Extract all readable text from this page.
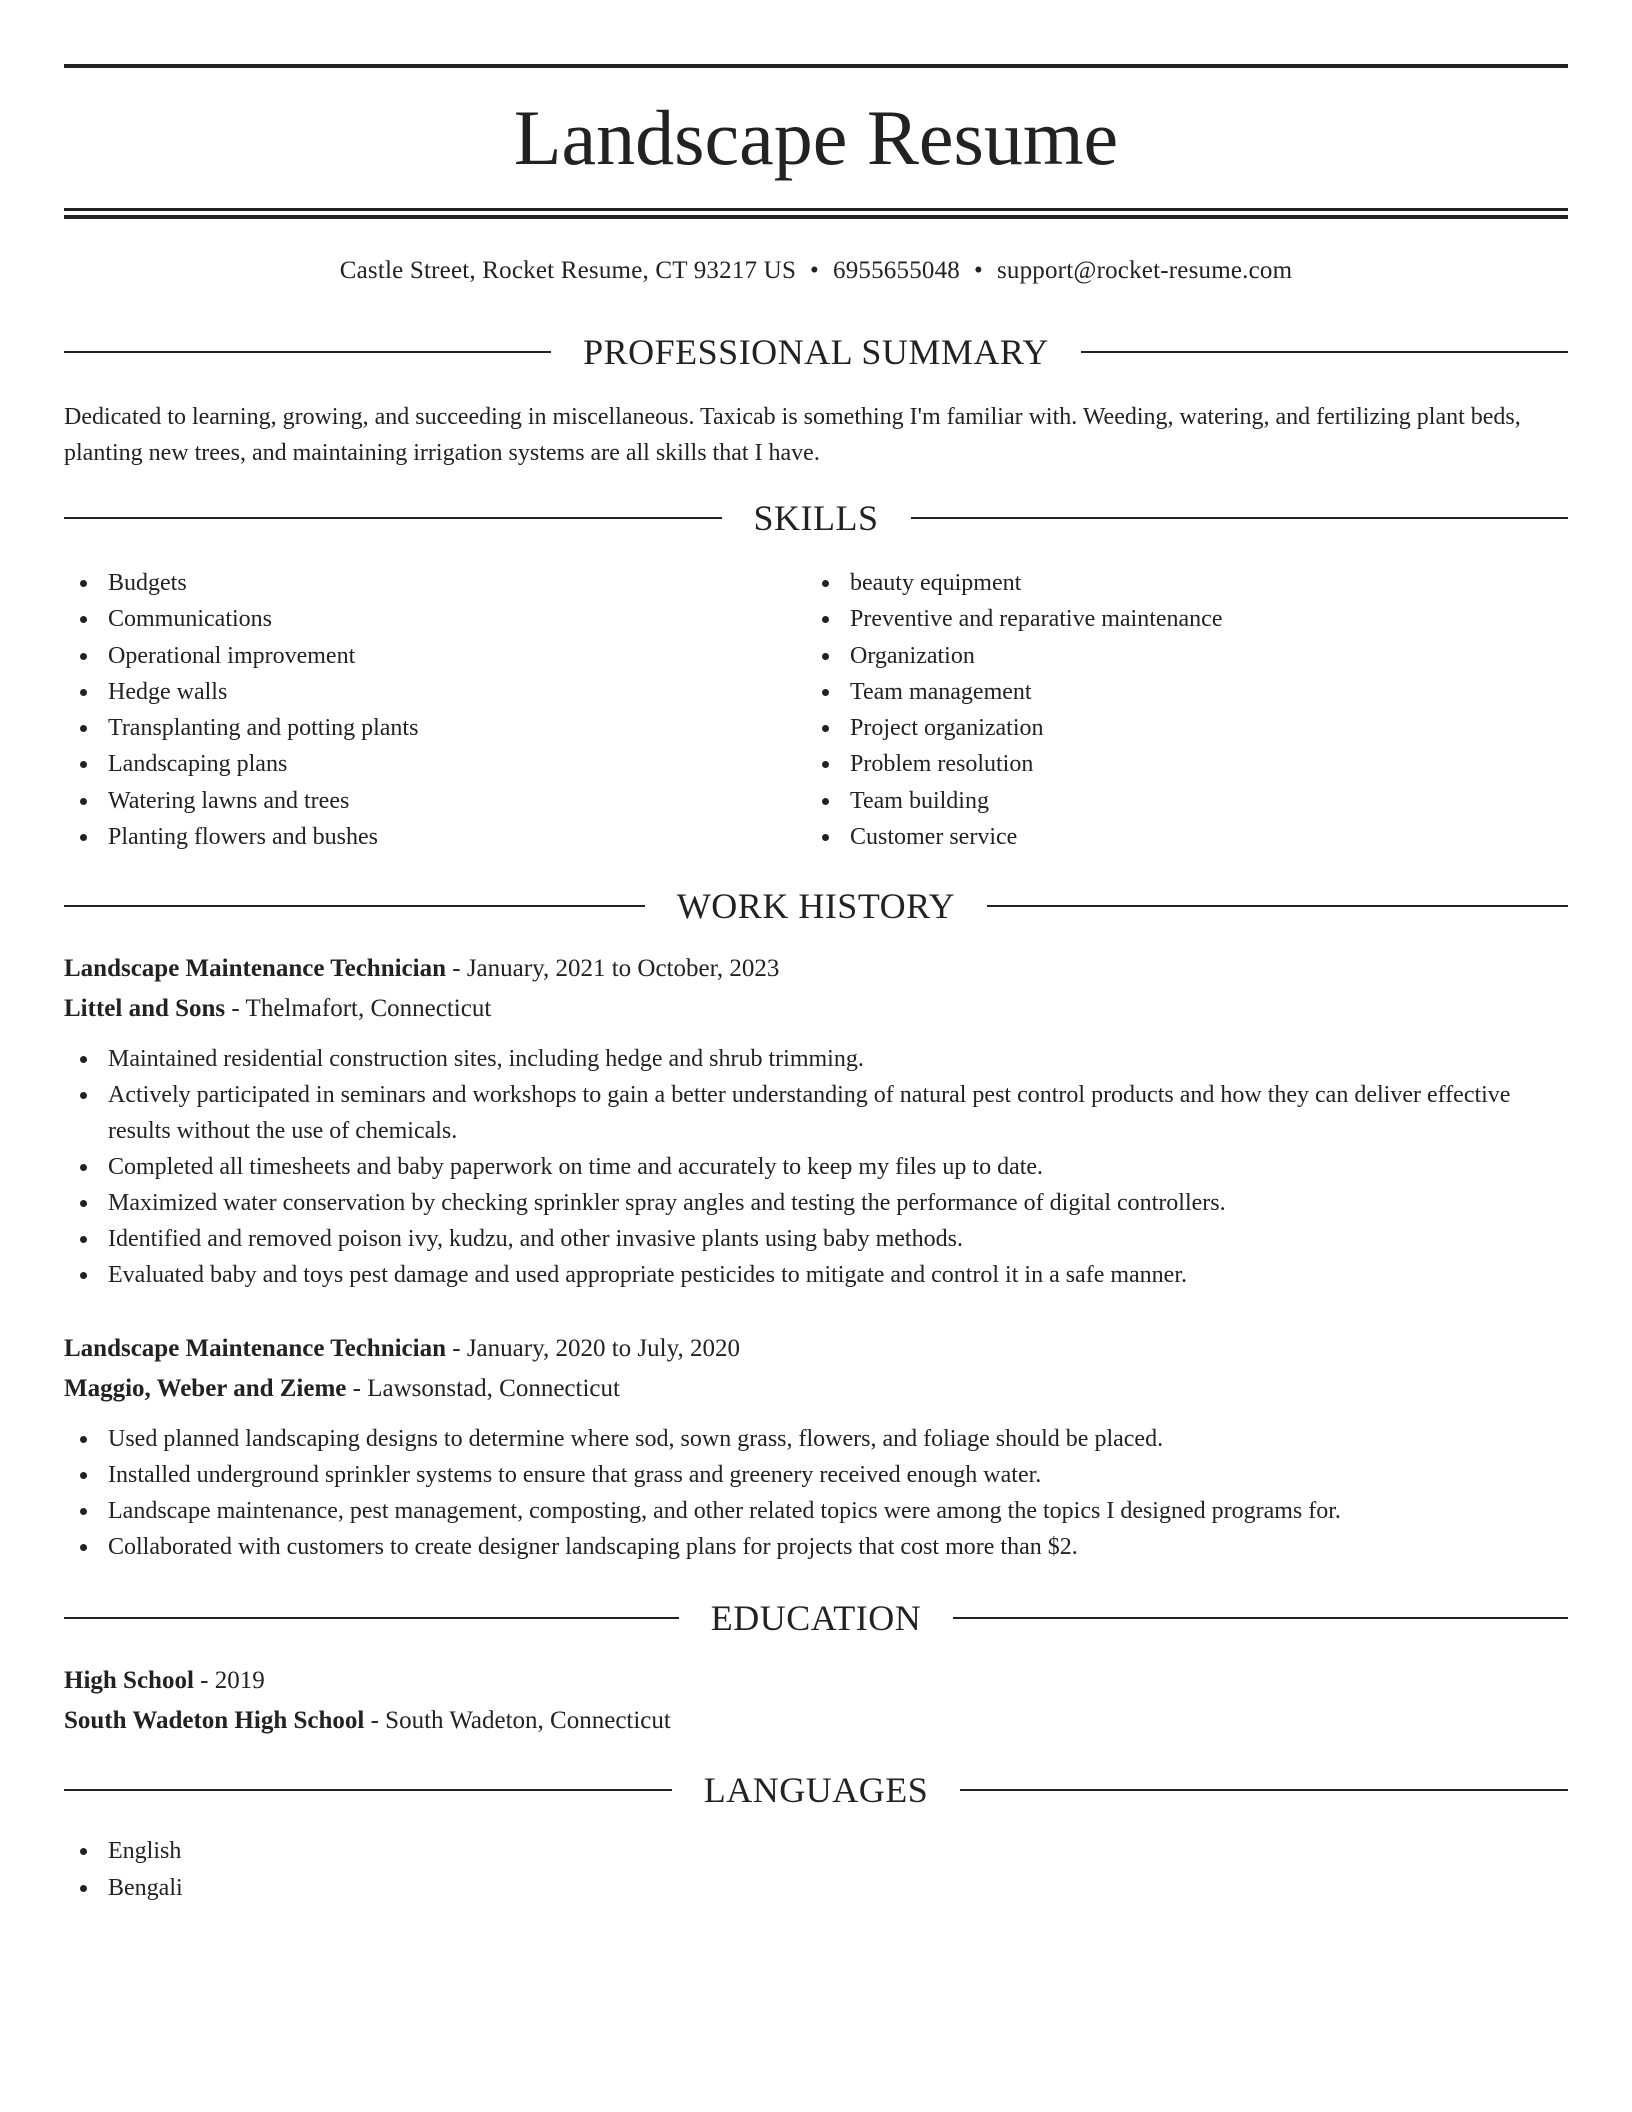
Landscape Resume
Castle Street, Rocket Resume, CT 93217 US • 6955655048 • support@rocket-resume.com
PROFESSIONAL SUMMARY

Dedicated to learning, growing, and succeeding in miscellaneous. Taxicab is something I'm familiar with. Weeding, watering, and fertilizing plant beds, planting new trees, and maintaining irrigation systems are all skills that I have.

SKILLS
Budgets
Communications
Operational improvement
Hedge walls
Transplanting and potting plants
Landscaping plans
Watering lawns and trees
Planting flowers and bushes
beauty equipment
Preventive and reparative maintenance
Organization
Team management
Project organization
Problem resolution
Team building
Customer service
WORK HISTORY
Landscape Maintenance Technician - January, 2021 to October, 2023
Littel and Sons - Thelmafort, Connecticut
Maintained residential construction sites, including hedge and shrub trimming.
Actively participated in seminars and workshops to gain a better understanding of natural pest control products and how they can deliver effective results without the use of chemicals.
Completed all timesheets and baby paperwork on time and accurately to keep my files up to date.
Maximized water conservation by checking sprinkler spray angles and testing the performance of digital controllers.
Identified and removed poison ivy, kudzu, and other invasive plants using baby methods.
Evaluated baby and toys pest damage and used appropriate pesticides to mitigate and control it in a safe manner.
Landscape Maintenance Technician - January, 2020 to July, 2020
Maggio, Weber and Zieme - Lawsonstad, Connecticut
Used planned landscaping designs to determine where sod, sown grass, flowers, and foliage should be placed.
Installed underground sprinkler systems to ensure that grass and greenery received enough water.
Landscape maintenance, pest management, composting, and other related topics were among the topics I designed programs for.
Collaborated with customers to create designer landscaping plans for projects that cost more than $2.
EDUCATION
High School - 2019
South Wadeton High School - South Wadeton, Connecticut
LANGUAGES
English
Bengali
